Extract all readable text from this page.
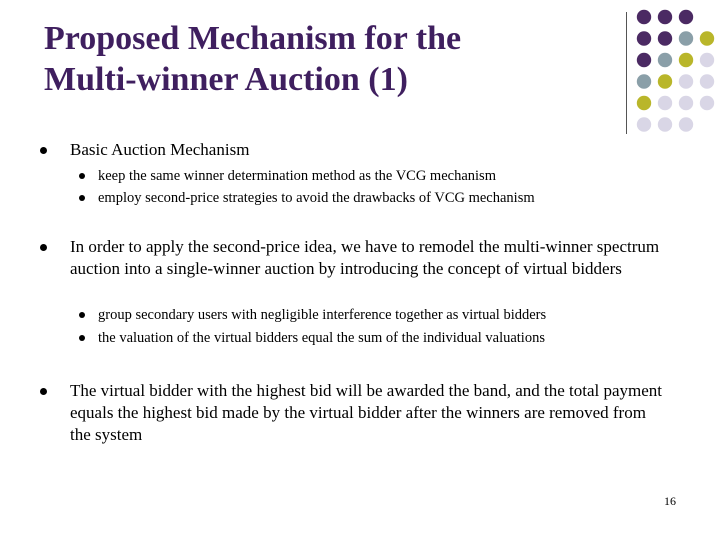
Proposed Mechanism for the
Multi-winner Auction (1)
Basic Auction Mechanism
keep the same winner determination method as the VCG mechanism
employ second-price strategies to avoid the drawbacks of VCG mechanism
In order to apply the second-price idea, we have to remodel the multi-winner spectrum auction into a single-winner auction by introducing the concept of virtual bidders
group secondary users with negligible interference together as virtual bidders
the valuation of the virtual bidders equal the sum of the individual valuations
The virtual bidder with the highest bid will be awarded the band, and the total payment equals the highest bid made by the virtual bidder after the winners are removed from the system
16
